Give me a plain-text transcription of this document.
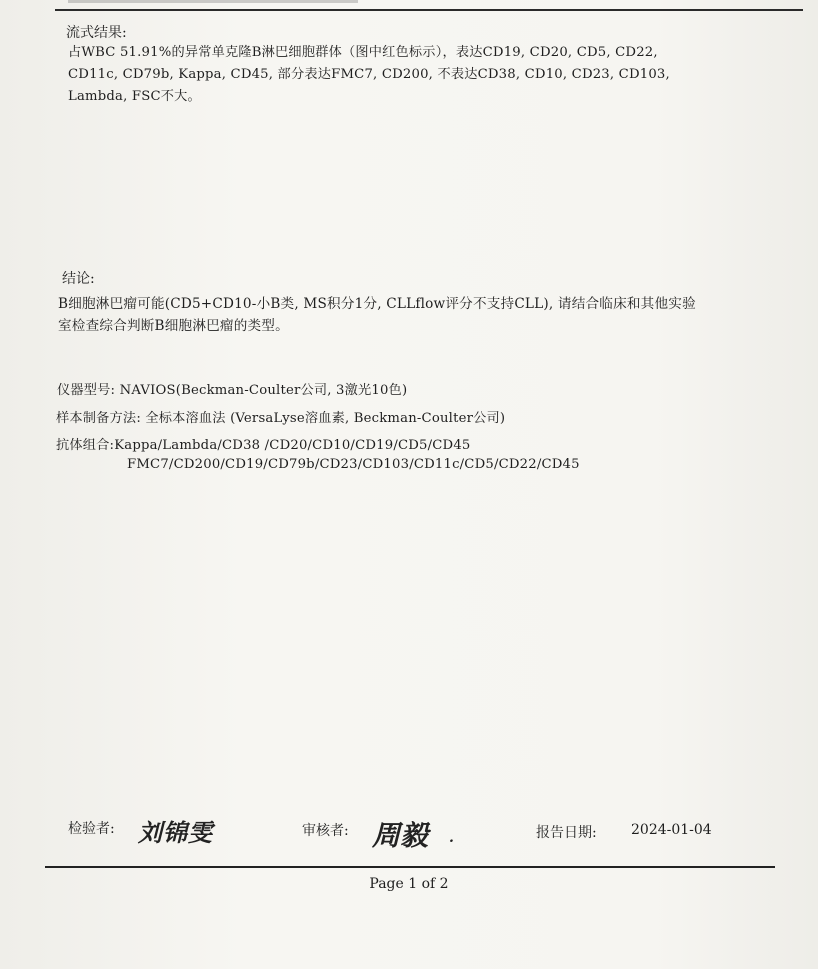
流式结果:
占WBC 51.91%的异常单克隆B淋巴细胞群体（图中红色标示），表达CD19, CD20, CD5, CD22,
CD11c, CD79b, Kappa, CD45, 部分表达FMC7, CD200, 不表达CD38, CD10, CD23, CD103,
Lambda, FSC不大。
结论:
B细胞淋巴瘤可能(CD5+CD10-小B类, MS积分1分, CLLflow评分不支持CLL), 请结合临床和其他实验
室检查综合判断B细胞淋巴瘤的类型。
仪器型号: NAVIOS(Beckman-Coulter公司, 3激光10色)
样本制备方法: 全标本溶血法 (VersaLyse溶血素, Beckman-Coulter公司)
抗体组合:Kappa/Lambda/CD38 /CD20/CD10/CD19/CD5/CD45
FMC7/CD200/CD19/CD79b/CD23/CD103/CD11c/CD5/CD22/CD45
检验者: 刘锦雯	审核者: 周毅 .	报告日期: 2024-01-04
Page 1 of 2
